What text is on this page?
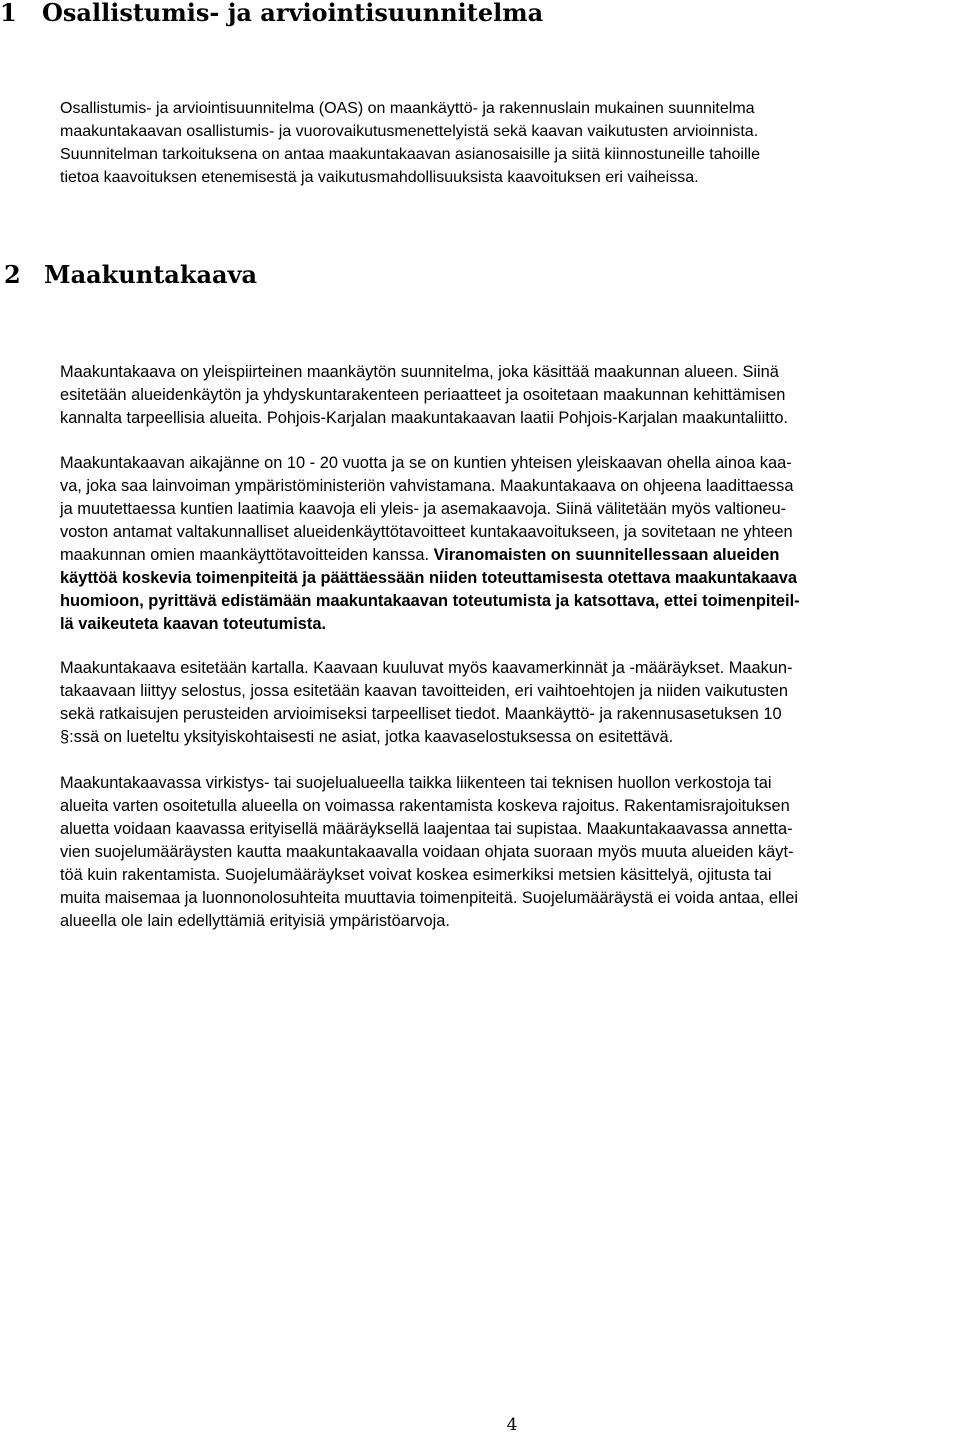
1 Osallistumis- ja arviointisuunnitelma

Osallistumis- ja arviointisuunnitelma (OAS) on maankäyttö- ja rakennuslain mukainen suunnitelma
maakuntakaavan osallistumis- ja vuorovaikutusmenettelyistä sekä kaavan vaikutusten arvioinnista.
Suunnitelman tarkoituksena on antaa maakuntakaavan asianosaisille ja siitä kiinnostuneille tahoille
tietoa kaavoituksen etenemisestä ja vaikutusmahdollisuuksista kaavoituksen eri vaiheissa.

2 Maakuntakaava

Maakuntakaava on yleispiirteinen maankäytön suunnitelma, joka käsittää maakunnan alueen. Siinä
esitetään alueidenkäytön ja yhdyskuntarakenteen periaatteet ja osoitetaan maakunnan kehittämisen
kannalta tarpeellisia alueita. Pohjois-Karjalan maakuntakaavan laatii Pohjois-Karjalan maakuntaliitto.

Maakuntakaavan aikajänne on 10 - 20 vuotta ja se on kuntien yhteisen yleiskaavan ohella ainoa kaa-
va, joka saa lainvoiman ympäristöministeriön vahvistamana. Maakuntakaava on ohjeena laadittaessa
ja muutettaessa kuntien laatimia kaavoja eli yleis- ja asemakaavoja. Siinä välitetään myös valtioneu-
voston antamat valtakunnalliset alueidenkäyttötavoitteet kuntakaavoitukseen, ja sovitetaan ne yhteen
maakunnan omien maankäyttötavoitteiden kanssa. Viranomaisten on suunnitellessaan alueiden
käyttöä koskevia toimenpiteitä ja päättäessään niiden toteuttamisesta otettava maakuntakaava
huomioon, pyrittävä edistämään maakuntakaavan toteutumista ja katsottava, ettei toimenpiteil-
lä vaikeuteta kaavan toteutumista.

Maakuntakaava esitetään kartalla. Kaavaan kuuluvat myös kaavamerkinnät ja -määräykset. Maakun-
takaavaan liittyy selostus, jossa esitetään kaavan tavoitteiden, eri vaihtoehtojen ja niiden vaikutusten
sekä ratkaisujen perusteiden arvioimiseksi tarpeelliset tiedot. Maankäyttö- ja rakennusasetuksen 10
§:ssä on lueteltu yksityiskohtaisesti ne asiat, jotka kaavaselostuksessa on esitettävä.

Maakuntakaavassa virkistys- tai suojelualueella taikka liikenteen tai teknisen huollon verkostoja tai
alueita varten osoitetulla alueella on voimassa rakentamista koskeva rajoitus. Rakentamisrajoituksen
aluetta voidaan kaavassa erityisellä määräyksellä laajentaa tai supistaa. Maakuntakaavassa annetta-
vien suojelumääräysten kautta maakuntakaavalla voidaan ohjata suoraan myös muuta alueiden käyt-
töä kuin rakentamista. Suojelumääräykset voivat koskea esimerkiksi metsien käsittelyä, ojitusta tai
muita maisemaa ja luonnonolosuhteita muuttavia toimenpiteitä. Suojelumääräystä ei voida antaa, ellei
alueella ole lain edellyttämiä erityisiä ympäristöarvoja.

4
